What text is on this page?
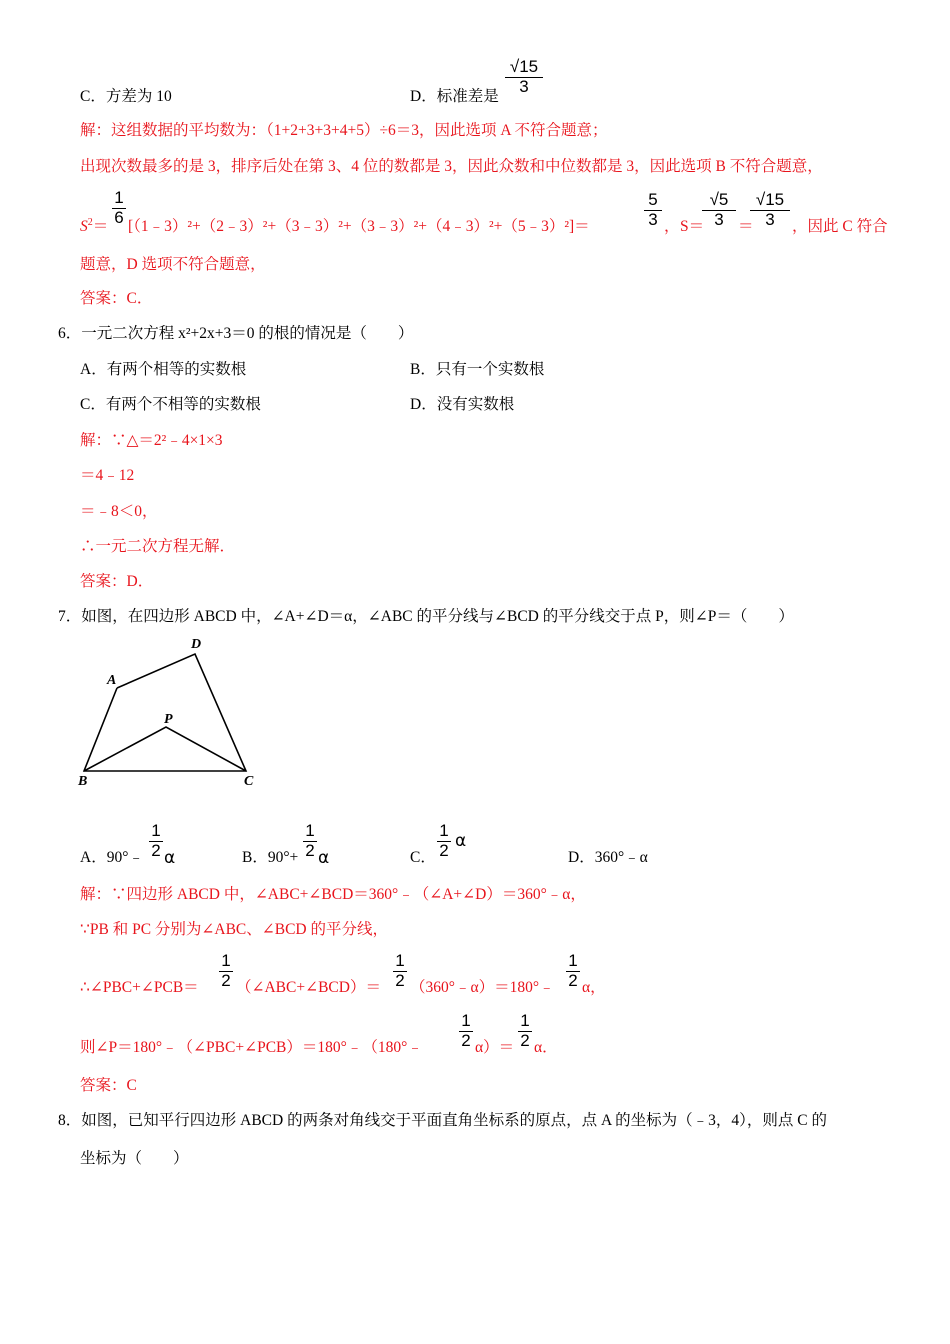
C．方差为 10	D．标准差是
√15
3
解：这组数据的平均数为：（1+2+3+3+4+5）÷6＝3，因此选项 A 不符合题意；
出现次数最多的是 3，排序后处在第 3、4 位的数都是 3，因此众数和中位数都是 3，因此选项 B 不符合题意，
$S^2=$
1
6 [（1﹣3）²+（2﹣3）²+（3﹣3）²+（3﹣3）²+（4﹣3）²+（5﹣3）²]＝
5
3 ， S＝
√5
3 ＝
√15
3	，因此 C 符合
题意，D 选项不符合题意，
答案：C．
6．一元二次方程 x²+2x+3＝0 的根的情况是（　　）
A．有两个相等的实数根	B．只有一个实数根
C．有两个不相等的实数根	D．没有实数根
解：∵△＝2²﹣4×1×3
＝4﹣12
＝﹣8＜0，
∴一元二次方程无解．
答案：D．
7．如图，在四边形 ABCD 中，∠A+∠D＝α，∠ABC 的平分线与∠BCD 的平分线交于点 P，则∠P＝（　　）
A
B	C
D
P
A．90°﹣
1
2 α	B．90°+
1
2 α	C．
1
2 α
D．360°﹣α
解：∵四边形 ABCD 中，∠ABC+∠BCD＝360°﹣（∠A+∠D）＝360°﹣α，
∵PB 和 PC 分别为∠ABC、∠BCD 的平分线，
∴∠PBC+∠PCB＝
1
2 （∠ABC+∠BCD）＝
1
2 （360°﹣α）＝180°﹣
1
2 α，
则∠P＝180°﹣（∠PBC+∠PCB）＝180°﹣（180°﹣
1
2 α）＝
1
2 α．
答案：C
8．如图，已知平行四边形 ABCD 的两条对角线交于平面直角坐标系的原点，点 A 的坐标为（﹣3，4），则点 C 的
坐标为（　　）
